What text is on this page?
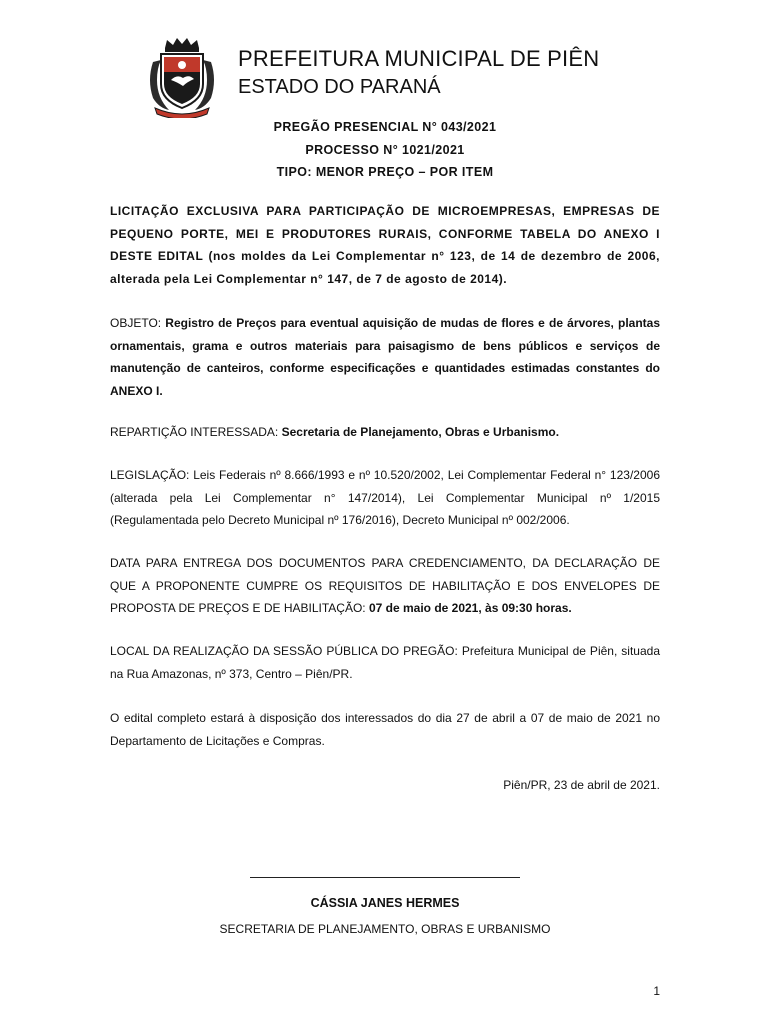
PREFEITURA MUNICIPAL DE PIÊN
ESTADO DO PARANÁ
PREGÃO PRESENCIAL N° 043/2021
PROCESSO N° 1021/2021
TIPO: MENOR PREÇO – POR ITEM
LICITAÇÃO EXCLUSIVA PARA PARTICIPAÇÃO DE MICROEMPRESAS, EMPRESAS DE PEQUENO PORTE, MEI E PRODUTORES RURAIS, CONFORME TABELA DO ANEXO I DESTE EDITAL (nos moldes da Lei Complementar n° 123, de 14 de dezembro de 2006, alterada pela Lei Complementar n° 147, de 7 de agosto de 2014).
OBJETO: Registro de Preços para eventual aquisição de mudas de flores e de árvores, plantas ornamentais, grama e outros materiais para paisagismo de bens públicos e serviços de manutenção de canteiros, conforme especificações e quantidades estimadas constantes do ANEXO I.
REPARTIÇÃO INTERESSADA: Secretaria de Planejamento, Obras e Urbanismo.
LEGISLAÇÃO: Leis Federais nº 8.666/1993 e nº 10.520/2002, Lei Complementar Federal n° 123/2006 (alterada pela Lei Complementar n° 147/2014), Lei Complementar Municipal nº 1/2015 (Regulamentada pelo Decreto Municipal nº 176/2016), Decreto Municipal nº 002/2006.
DATA PARA ENTREGA DOS DOCUMENTOS PARA CREDENCIAMENTO, DA DECLARAÇÃO DE QUE A PROPONENTE CUMPRE OS REQUISITOS DE HABILITAÇÃO E DOS ENVELOPES DE PROPOSTA DE PREÇOS E DE HABILITAÇÃO: 07 de maio de 2021, às 09:30 horas.
LOCAL DA REALIZAÇÃO DA SESSÃO PÚBLICA DO PREGÃO: Prefeitura Municipal de Piên, situada na Rua Amazonas, nº 373, Centro – Piên/PR.
O edital completo estará à disposição dos interessados do dia 27 de abril a 07 de maio de 2021 no Departamento de Licitações e Compras.
Piên/PR, 23 de abril de 2021.
CÁSSIA JANES HERMES
SECRETARIA DE PLANEJAMENTO, OBRAS E URBANISMO
1
